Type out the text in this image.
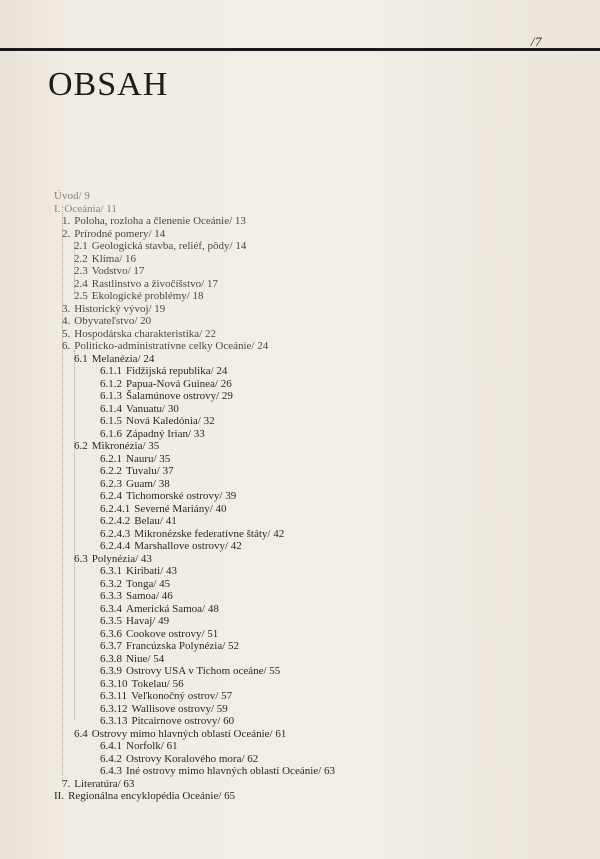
/7
OBSAH
Úvod/ 9
I. Oceánia/ 11
1. Poloha, rozloha a členenie Oceánie/ 13
2. Prírodné pomery/ 14
2.1 Geologická stavba, reliéf, pôdy/ 14
2.2 Klíma/ 16
2.3 Vodstvo/ 17
2.4 Rastlinstvo a živočíšstvo/ 17
2.5 Ekologické problémy/ 18
3. Historický vývoj/ 19
4. Obyvateľstvo/ 20
5. Hospodárska charakteristika/ 22
6. Politicko-administratívne celky Oceánie/ 24
6.1 Melanézia/ 24
6.1.1 Fidžijská republika/ 24
6.1.2 Papua-Nová Guinea/ 26
6.1.3 Šalamúnove ostrovy/ 29
6.1.4 Vanuatu/ 30
6.1.5 Nová Kaledónia/ 32
6.1.6 Západný Irian/ 33
6.2 Mikronézia/ 35
6.2.1 Nauru/ 35
6.2.2 Tuvalu/ 37
6.2.3 Guam/ 38
6.2.4 Tichomorské ostrovy/ 39
6.2.4.1 Severné Mariány/ 40
6.2.4.2 Belau/ 41
6.2.4.3 Mikronézske federatívne štáty/ 42
6.2.4.4 Marshallove ostrovy/ 42
6.3 Polynézia/ 43
6.3.1 Kiribati/ 43
6.3.2 Tonga/ 45
6.3.3 Samoa/ 46
6.3.4 Americká Samoa/ 48
6.3.5 Havaj/ 49
6.3.6 Cookove ostrovy/ 51
6.3.7 Francúzska Polynézia/ 52
6.3.8 Niue/ 54
6.3.9 Ostrovy USA v Tichom oceáne/ 55
6.3.10 Tokelau/ 56
6.3.11 Veľkonočný ostrov/ 57
6.3.12 Wallisove ostrovy/ 59
6.3.13 Pitcairnove ostrovy/ 60
6.4 Ostrovy mimo hlavných oblastí Oceánie/ 61
6.4.1 Norfolk/ 61
6.4.2 Ostrovy Koralového mora/ 62
6.4.3 Iné ostrovy mimo hlavných oblastí Oceánie/ 63
7. Literatúra/ 63
II. Regionálna encyklopédia Oceánie/ 65
